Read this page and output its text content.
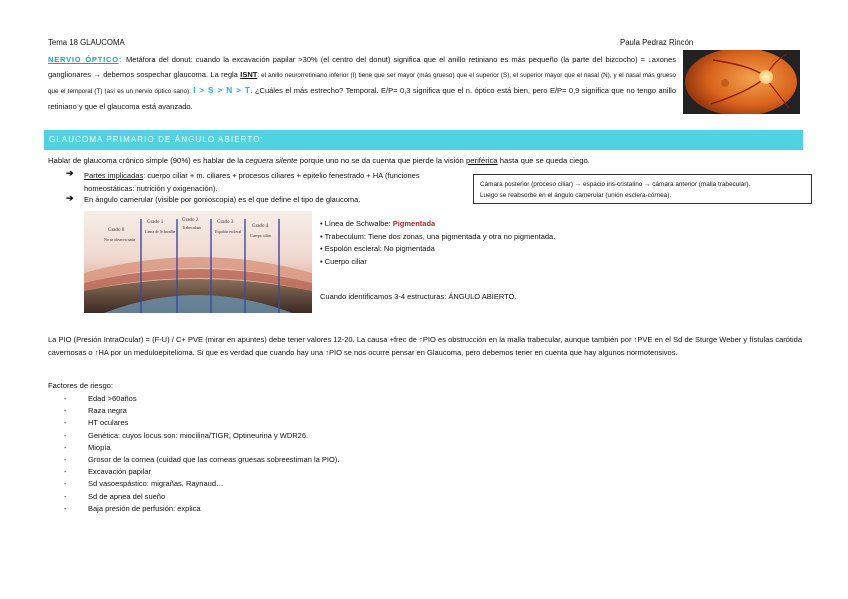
Tema 18 GLAUCOMA	Paula Pedraz Rincón
NERVIO ÓPTICO: Metáfora del donut: cuando la excavación papilar >30% (el centro del donut) significa que el anillo retiniano es más pequeño (la parte del bizcocho) = ↓axones ganglionares → debemos sospechar glaucoma. La regla ISNT: el anillo neurorretiniano inferior (I) tiene que ser mayor (más grueso) que el superior (S), el superior mayor que el nasal (N), y el nasal más grueso que el temporal (T) (así es un nervio óptico sano): I > S > N > T. ¿Cuáles el más estrecho? Temporal. E/P= 0,3 significa que el n. óptico está bien, pero E/P= 0,9 significa que no tengo anillo retiniano y que el glaucoma está avanzado.
GLAUCOMA PRIMARIO DE ÁNGULO ABIERTO:
Hablar de glaucoma crónico simple (90%) es hablar de la ceguera silente porque uno no se da cuenta que pierde la visión periférica hasta que se queda ciego.
➔ Partes implicadas: cuerpo ciliar + m. ciliares + procesos ciliares + epitelio fenestrado + HA (funciones homeostáticas: nutrición y oxigenación).
➔ En ángulo camerular (visible por gonioscopia) es el que define el tipo de glaucoma.
Cámara posterior (proceso ciliar) → espacio iris-cristalino → cámara anterior (malla trabecular).
Luego se reabsorbe en el ángulo camerular (unión esclera-córnea).
Grado 0
No se observa nada
Grado 1
Línea de Schwalbe
Grado 2
Trabeculum
Grado 3
Espolón escleral
Grado 4
Cuerpo ciliar
• Línea de Schwalbe: Pigmentada
• Trabeculum: Tiene dos zonas, una pigmentada y otra no pigmentada.
• Espolón escleral: No pigmentada
• Cuerpo ciliar
Cuando identificamos 3-4 estructuras: ÁNGULO ABIERTO.
La PIO (Presión IntraOcular) = (F-U) / C+ PVE (mirar en apuntes) debe tener valores 12-20. La causa +frec de ↑PIO es obstrucción en la malla trabecular, aunque también por ↑PVE en el Sd de Sturge Weber y fístulas carótida cavernosas o ↑HA por un meduloepitelioma. Si que es verdad que cuando hay una ↑PIO se nos ocurre pensar en Glaucoma, pero debemos tener en cuenta que hay algunos normotensivos.
Factores de riesgo:
-	Edad >60años
-	Raza negra
-	HT oculares
-	Genética: cuyos locus son: miocilina/TIGR, Optineurina y WDR26.
-	Miopía
-	Grosor de la cornea (cuidad que las corneas gruesas sobreestiman la PIO).
-	Excavación papilar
-	Sd vasoespástico: migrañas, Raynaud…
-	Sd de apnea del sueño
-	Baja presión de perfusión: explica
